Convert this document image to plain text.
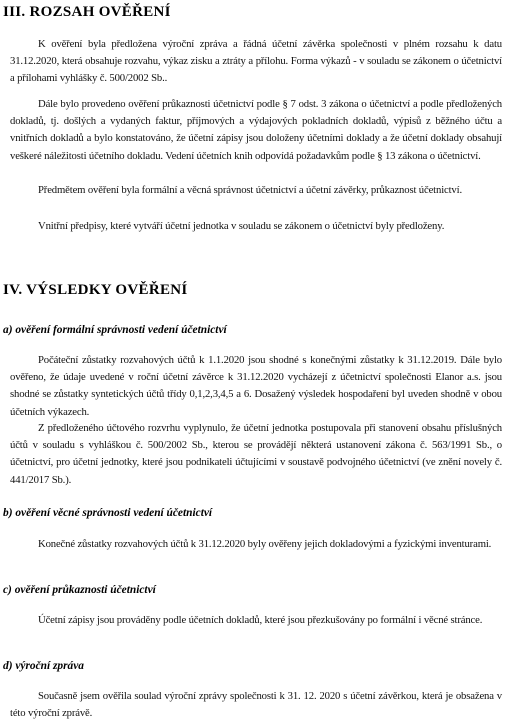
III. ROZSAH OVĚŘENÍ

K ověření byla předložena výroční zpráva a řádná účetní závěrka společnosti v plném rozsahu k datu 31.12.2020, která obsahuje rozvahu, výkaz zisku a ztráty a přílohu. Forma výkazů - v souladu se zákonem o účetnictví a přílohami vyhlášky č. 500/2002 Sb..

Dále bylo provedeno ověření průkaznosti účetnictví podle § 7 odst. 3 zákona o účetnictví a podle předložených dokladů, tj. došlých a vydaných faktur, příjmových a výdajových pokladních dokladů, výpisů z běžného účtu a vnitřních dokladů a bylo konstatováno, že účetní zápisy jsou doloženy účetními doklady a že účetní doklady obsahují veškeré náležitosti účetního dokladu. Vedení účetních knih odpovídá požadavkům podle § 13 zákona o účetnictví.

Předmětem ověření byla formální a věcná správnost účetnictví a účetní závěrky, průkaznost účetnictví.

Vnitřní předpisy, které vytváří účetní jednotka v souladu se zákonem o účetnictví byly předloženy.

IV. VÝSLEDKY OVĚŘENÍ
a) ověření formální správnosti vedení účetnictví

Počáteční zůstatky rozvahových účtů k 1.1.2020 jsou shodné s konečnými zůstatky k 31.12.2019. Dále bylo ověřeno, že údaje uvedené v roční účetní závěrce k 31.12.2020 vycházejí z účetnictví společnosti Elanor a.s. jsou shodné se zůstatky syntetických účtů třídy 0,1,2,3,4,5 a 6. Dosažený výsledek hospodaření byl uveden shodně v obou účetních výkazech.

Z předloženého účtového rozvrhu vyplynulo, že účetní jednotka postupovala při stanovení obsahu příslušných účtů v souladu s vyhláškou č. 500/2002 Sb., kterou se provádějí některá ustanovení zákona č. 563/1991 Sb., o účetnictví, pro účetní jednotky, které jsou podnikateli účtujícími v soustavě podvojného účetnictví (ve znění novely č. 441/2017 Sb.).

b) ověření věcné správnosti vedení účetnictví

Konečné zůstatky rozvahových účtů k 31.12.2020 byly ověřeny jejich dokladovými a fyzickými inventurami.

c) ověření průkaznosti účetnictví

Účetní zápisy jsou prováděny podle účetních dokladů, které jsou přezkušovány po formální i věcné stránce.

d) výroční zpráva

Současně jsem ověřila soulad výroční zprávy společnosti k 31. 12. 2020 s účetní závěrkou, která je obsažena v této výroční zprávě.
